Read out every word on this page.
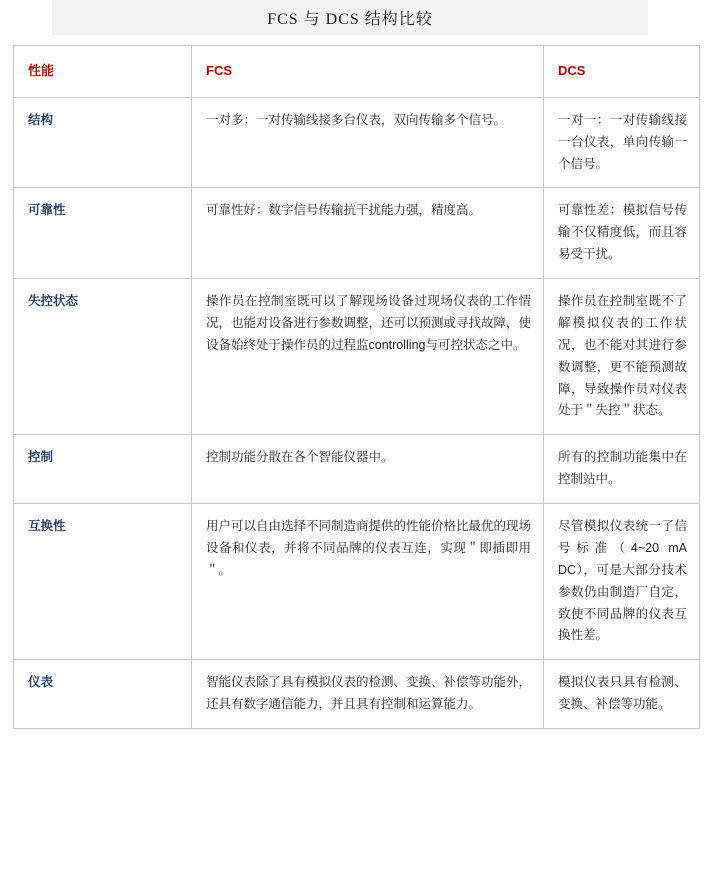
FCS 与 DCS 结构比较
性能	FCS	DCS
结构	一对多：一对传输线接多台仪表，双向传输多个信号。	一对一：一对传输线接一台仪表，单向传输一个信号。
可靠性	可靠性好：数字信号传输抗干扰能力强，精度高。	可靠性差：模拟信号传输不仅精度低，而且容易受干扰。
失控状态	操作员在控制室既可以了解现场设备过现场仪表的工作情况，也能对设备进行参数调整，还可以预测或寻找故障，使设备始终处于操作员的过程监controlling与可控状态之中。	操作员在控制室既不了解模拟仪表的工作状况，也不能对其进行参数调整，更不能预测故障，导致操作员对仪表处于＂失控＂状态。
控制	控制功能分散在各个智能仪器中。	所有的控制功能集中在控制站中。
互换性	用户可以自由选择不同制造商提供的性能价格比最优的现场设备和仪表，并将不同品牌的仪表互连，实现＂即插即用＂。	尽管模拟仪表统一了信号标准（4~20 mA DC），可是大部分技术参数仍由制造厂自定，致使不同品牌的仪表互换性差。
仪表	智能仪表除了具有模拟仪表的检测、变换、补偿等功能外，还具有数字通信能力，并且具有控制和运算能力。	模拟仪表只具有检测、变换、补偿等功能。
